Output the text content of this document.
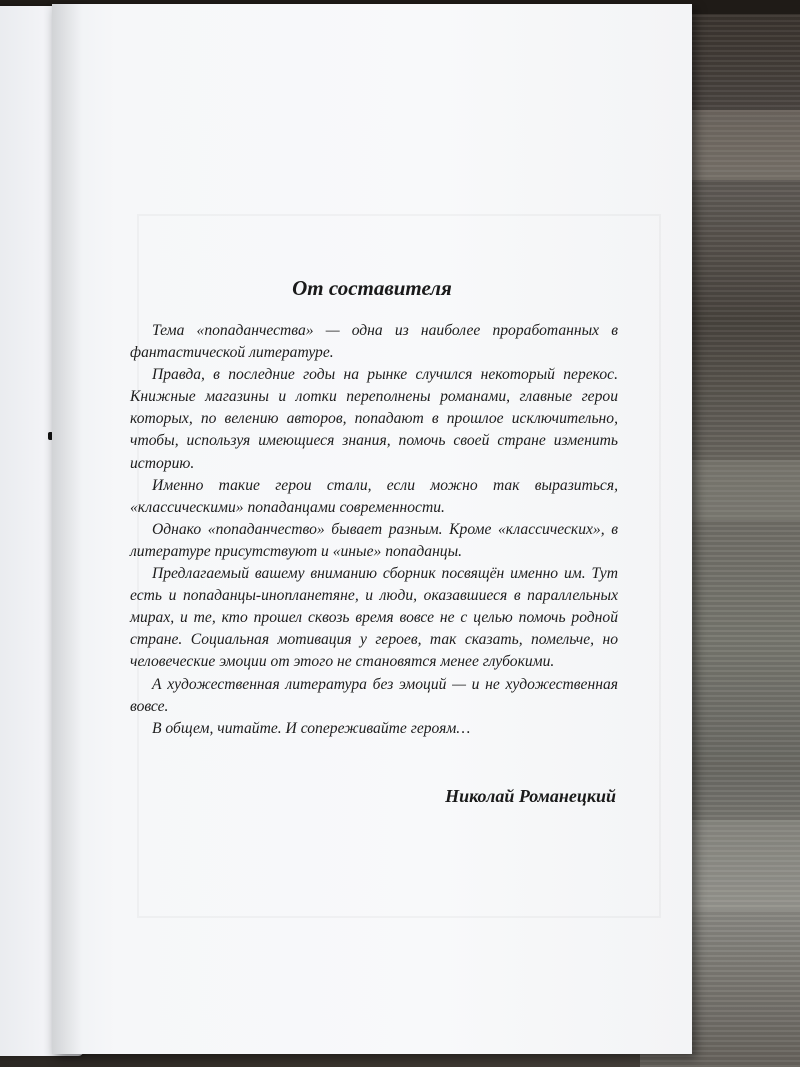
От составителя

Тема «попаданчества» — одна из наиболее проработанных в фантастической литературе.

Правда, в последние годы на рынке случился некоторый перекос. Книжные магазины и лотки переполнены романами, главные герои которых, по велению авторов, попадают в прошлое исключительно, чтобы, используя имеющиеся знания, помочь своей стране изменить историю.

Именно такие герои стали, если можно так выразиться, «классическими» попаданцами современности.

Однако «попаданчество» бывает разным. Кроме «классических», в литературе присутствуют и «иные» попаданцы.

Предлагаемый вашему вниманию сборник посвящён именно им. Тут есть и попаданцы-инопланетяне, и люди, оказавшиеся в параллельных мирах, и те, кто прошел сквозь время вовсе не с целью помочь родной стране. Социальная мотивация у героев, так сказать, помельче, но человеческие эмоции от этого не становятся менее глубокими.

А художественная литература без эмоций — и не художественная вовсе.

В общем, читайте. И сопереживайте героям…

Николай Романецкий
